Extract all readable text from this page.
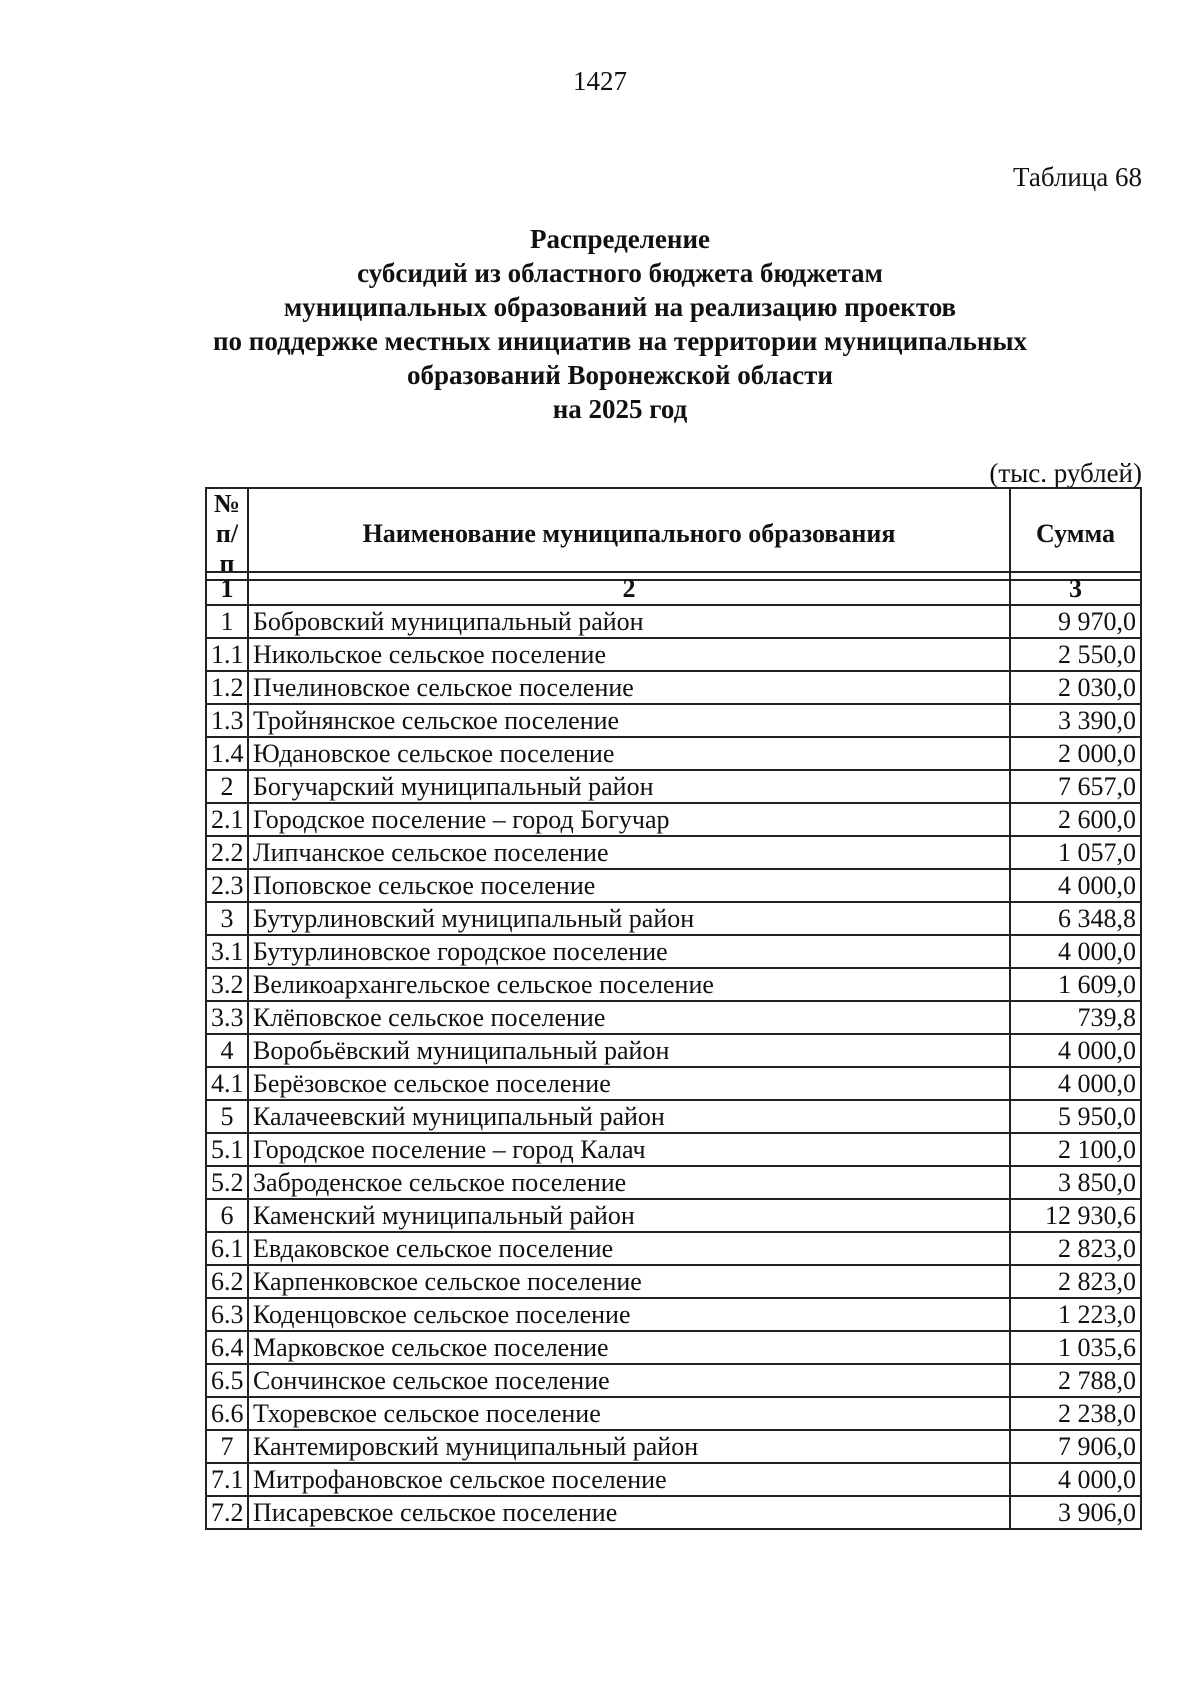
1427
Таблица 68
Распределение
субсидий из областного бюджета бюджетам
муниципальных образований на реализацию проектов
по поддержке местных инициатив на территории муниципальных
образований Воронежской области
на 2025 год
(тыс. рублей)
№
п/п
	Наименование муниципального образования	Сумма
1	2	3
1	Бобровский муниципальный район	9 970,0
1.1	Никольское сельское поселение	2 550,0
1.2	Пчелиновское сельское поселение	2 030,0
1.3	Тройнянское сельское поселение	3 390,0
1.4	Юдановское сельское поселение	2 000,0
2	Богучарский муниципальный район	7 657,0
2.1	Городское поселение – город Богучар	2 600,0
2.2	Липчанское сельское поселение	1 057,0
2.3	Поповское сельское поселение	4 000,0
3	Бутурлиновский муниципальный район	6 348,8
3.1	Бутурлиновское городское поселение	4 000,0
3.2	Великоархангельское сельское поселение	1 609,0
3.3	Клёповское сельское поселение	739,8
4	Воробьёвский муниципальный район	4 000,0
4.1	Берёзовское сельское поселение	4 000,0
5	Калачеевский муниципальный район	5 950,0
5.1	Городское поселение – город Калач	2 100,0
5.2	Заброденское сельское поселение	3 850,0
6	Каменский муниципальный район	12 930,6
6.1	Евдаковское сельское поселение	2 823,0
6.2	Карпенковское сельское поселение	2 823,0
6.3	Коденцовское сельское поселение	1 223,0
6.4	Марковское сельское поселение	1 035,6
6.5	Сончинское сельское поселение	2 788,0
6.6	Тхоревское сельское поселение	2 238,0
7	Кантемировский муниципальный район	7 906,0
7.1	Митрофановское сельское поселение	4 000,0
7.2	Писаревское сельское поселение	3 906,0
